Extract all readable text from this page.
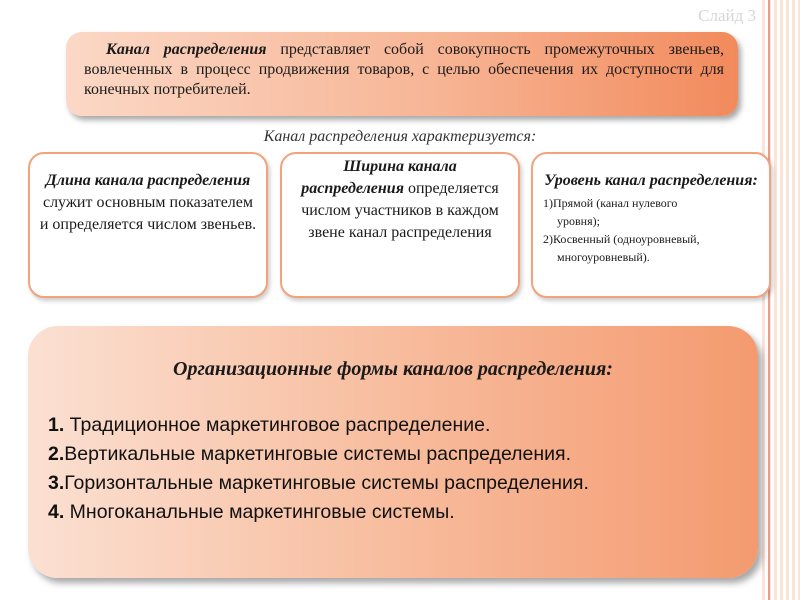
Слайд 3
Канал распределения представляет собой совокупность промежуточных звеньев, вовлеченных в процесс продвижения товаров, с целью обеспечения их доступности для конечных потребителей.
Канал распределения характеризуется:
Длина канала распределения служит основным показателем и определяется числом звеньев.
Ширина канала распределения определяется числом участников в каждом звене канал распределения
Уровень канал распределения:
1)Прямой (канал нулевого
уровня);
2)Косвенный (одноуровневый,
многоуровневый).
Организационные формы каналов распределения:
1. Традиционное маркетинговое распределение.
2.Вертикальные маркетинговые системы распределения.
3.Горизонтальные маркетинговые системы распределения.
4. Многоканальные маркетинговые системы.
